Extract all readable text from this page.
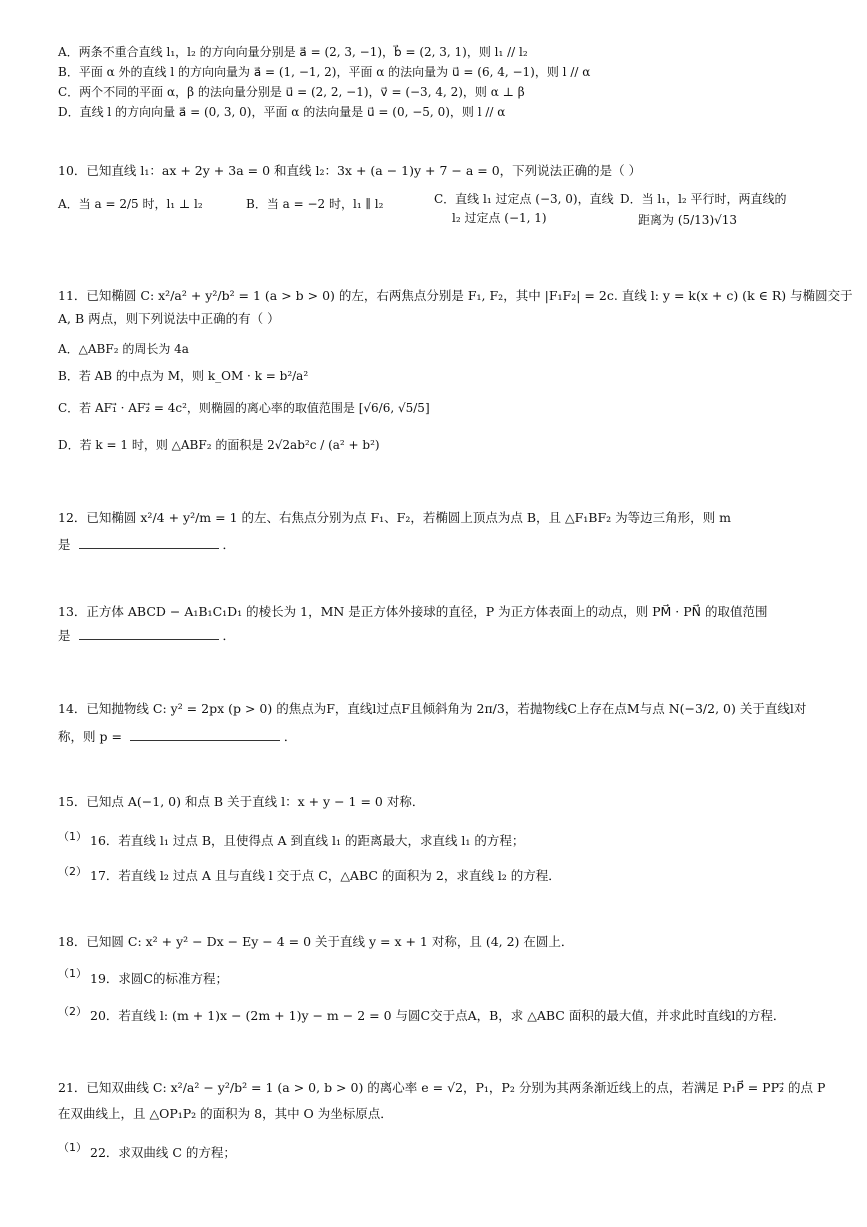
A．两条不重合直线 l₁，l₂ 的方向向量分别是 a⃗ = (2, 3, −1)，b⃗ = (2, 3, 1)，则 l₁ // l₂
B．平面 α 外的直线 l 的方向向量为 a⃗ = (1, −1, 2)，平面 α 的法向量为 u⃗ = (6, 4, −1)，则 l // α
C．两个不同的平面 α，β 的法向量分别是 u⃗ = (2, 2, −1)，v⃗ = (−3, 4, 2)，则 α ⊥ β
D．直线 l 的方向向量 a⃗ = (0, 3, 0)，平面 α 的法向量是 u⃗ = (0, −5, 0)，则 l // α
10．已知直线 l₁：ax + 2y + 3a = 0 和直线 l₂：3x + (a − 1)y + 7 − a = 0，下列说法正确的是（ ）
A．当 a = 2/5 时，l₁ ⊥ l₂	B．当 a = −2 时，l₁ ∥ l₂	C．直线 l₁ 过定点 (−3, 0)，直线
l₂ 过定点 (−1, 1)
D．当 l₁，l₂ 平行时，两直线的
距离为 (5/13)√13
11．已知椭圆 C: x²/a² + y²/b² = 1 (a > b > 0) 的左，右两焦点分别是 F₁, F₂，其中 |F₁F₂| = 2c. 直线 l: y = k(x + c) (k ∈ R) 与椭圆交于
A, B 两点，则下列说法中正确的有（ ）
A．△ABF₂ 的周长为 4a
B．若 AB 的中点为 M，则 k_OM · k = b²/a²
C．若 AF₁⃗ · AF₂⃗ = 4c²，则椭圆的离心率的取值范围是 [√6/6, √5/5]
D．若 k = 1 时，则 △ABF₂ 的面积是 2√2ab²c / (a² + b²)
12．已知椭圆 x²/4 + y²/m = 1 的左、右焦点分别为点 F₁、F₂，若椭圆上顶点为点 B，且 △F₁BF₂ 为等边三角形，则 m
是	．
13．正方体 ABCD − A₁B₁C₁D₁ 的棱长为 1，MN 是正方体外接球的直径，P 为正方体表面上的动点，则 PM⃗ · PN⃗ 的取值范围
是	．
14．已知抛物线 C: y² = 2px (p > 0) 的焦点为F，直线l过点F且倾斜角为 2π/3，若抛物线C上存在点M与点 N(−3/2, 0) 关于直线l对
称，则 p =	．
15．已知点 A(−1, 0) 和点 B 关于直线 l：x + y − 1 = 0 对称．
（1） 16．若直线 l₁ 过点 B，且使得点 A 到直线 l₁ 的距离最大，求直线 l₁ 的方程；
（2） 17．若直线 l₂ 过点 A 且与直线 l 交于点 C，△ABC 的面积为 2，求直线 l₂ 的方程．
18．已知圆 C: x² + y² − Dx − Ey − 4 = 0 关于直线 y = x + 1 对称，且 (4, 2) 在圆上．
（1） 19．求圆C的标准方程；
（2） 20．若直线 l: (m + 1)x − (2m + 1)y − m − 2 = 0 与圆C交于点A，B，求 △ABC 面积的最大值，并求此时直线l的方程．
21．已知双曲线 C: x²/a² − y²/b² = 1 (a > 0, b > 0) 的离心率 e = √2，P₁，P₂ 分别为其两条渐近线上的点，若满足 P₁P⃗ = PP₂⃗ 的点 P
在双曲线上，且 △OP₁P₂ 的面积为 8，其中 O 为坐标原点．
（1） 22．求双曲线 C 的方程；
